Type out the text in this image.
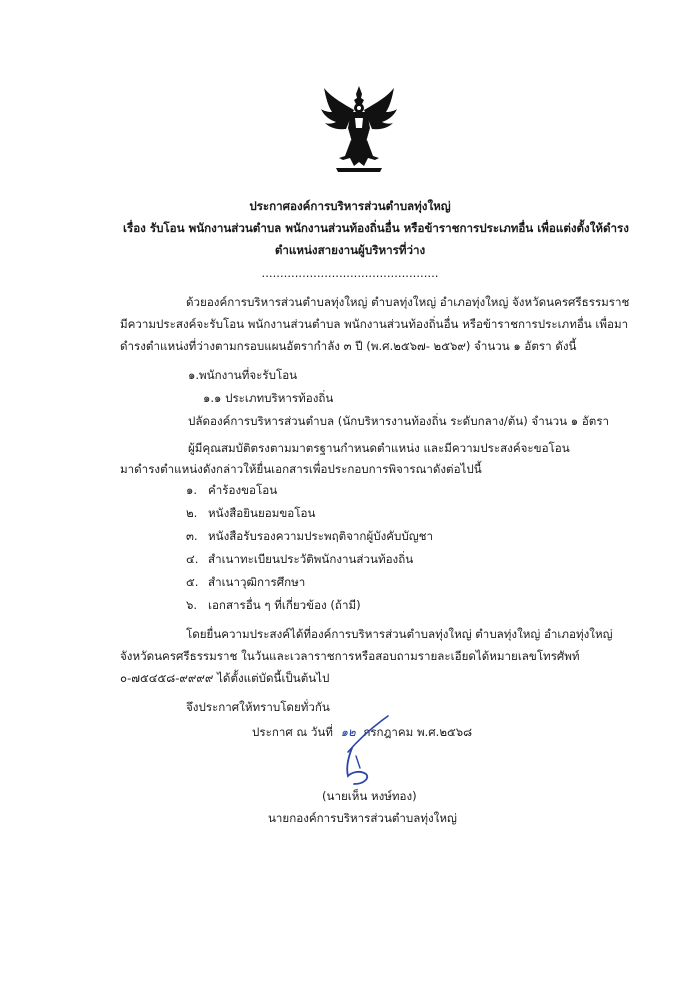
ประกาศองค์การบริหารส่วนตำบลทุ่งใหญ่
เรื่อง รับโอน พนักงานส่วนตำบล พนักงานส่วนท้องถิ่นอื่น หรือข้าราชการประเภทอื่น เพื่อแต่งตั้งให้ดำรง
ตำแหน่งสายงานผู้บริหารที่ว่าง
................................................
ด้วยองค์การบริหารส่วนตำบลทุ่งใหญ่ ตำบลทุ่งใหญ่ อำเภอทุ่งใหญ่ จังหวัดนครศรีธรรมราช
มีความประสงค์จะรับโอน พนักงานส่วนตำบล พนักงานส่วนท้องถิ่นอื่น หรือข้าราชการประเภทอื่น เพื่อมา
ดำรงตำแหน่งที่ว่างตามกรอบแผนอัตรากำลัง ๓ ปี (พ.ศ.๒๕๖๗- ๒๕๖๙) จำนวน ๑ อัตรา ดังนี้
๑.พนักงานที่จะรับโอน
๑.๑ ประเภทบริหารท้องถิ่น
ปลัดองค์การบริหารส่วนตำบล (นักบริหารงานท้องถิ่น ระดับกลาง/ต้น) จำนวน ๑ อัตรา
ผู้มีคุณสมบัติตรงตามมาตรฐานกำหนดตำแหน่ง และมีความประสงค์จะขอโอน
มาดำรงตำแหน่งดังกล่าวให้ยื่นเอกสารเพื่อประกอบการพิจารณาดังต่อไปนี้
๑. คำร้องขอโอน
๒. หนังสือยินยอมขอโอน
๓. หนังสือรับรองความประพฤติจากผู้บังคับบัญชา
๔. สำเนาทะเบียนประวัติพนักงานส่วนท้องถิ่น
๕. สำเนาวุฒิการศึกษา
๖. เอกสารอื่น ๆ ที่เกี่ยวข้อง (ถ้ามี)
โดยยื่นความประสงค์ได้ที่องค์การบริหารส่วนตำบลทุ่งใหญ่ ตำบลทุ่งใหญ่ อำเภอทุ่งใหญ่
จังหวัดนครศรีธรรมราช ในวันและเวลาราชการหรือสอบถามรายละเอียดได้หมายเลขโทรศัพท์
๐-๗๕๔๕๘-๙๙๙๙ ได้ตั้งแต่บัดนี้เป็นต้นไป
จึงประกาศให้ทราบโดยทั่วกัน
ประกาศ ณ วันที่ ๑๒ กรกฎาคม พ.ศ.๒๕๖๘
(นายเห็น หงษ์ทอง)
นายกองค์การบริหารส่วนตำบลทุ่งใหญ่
